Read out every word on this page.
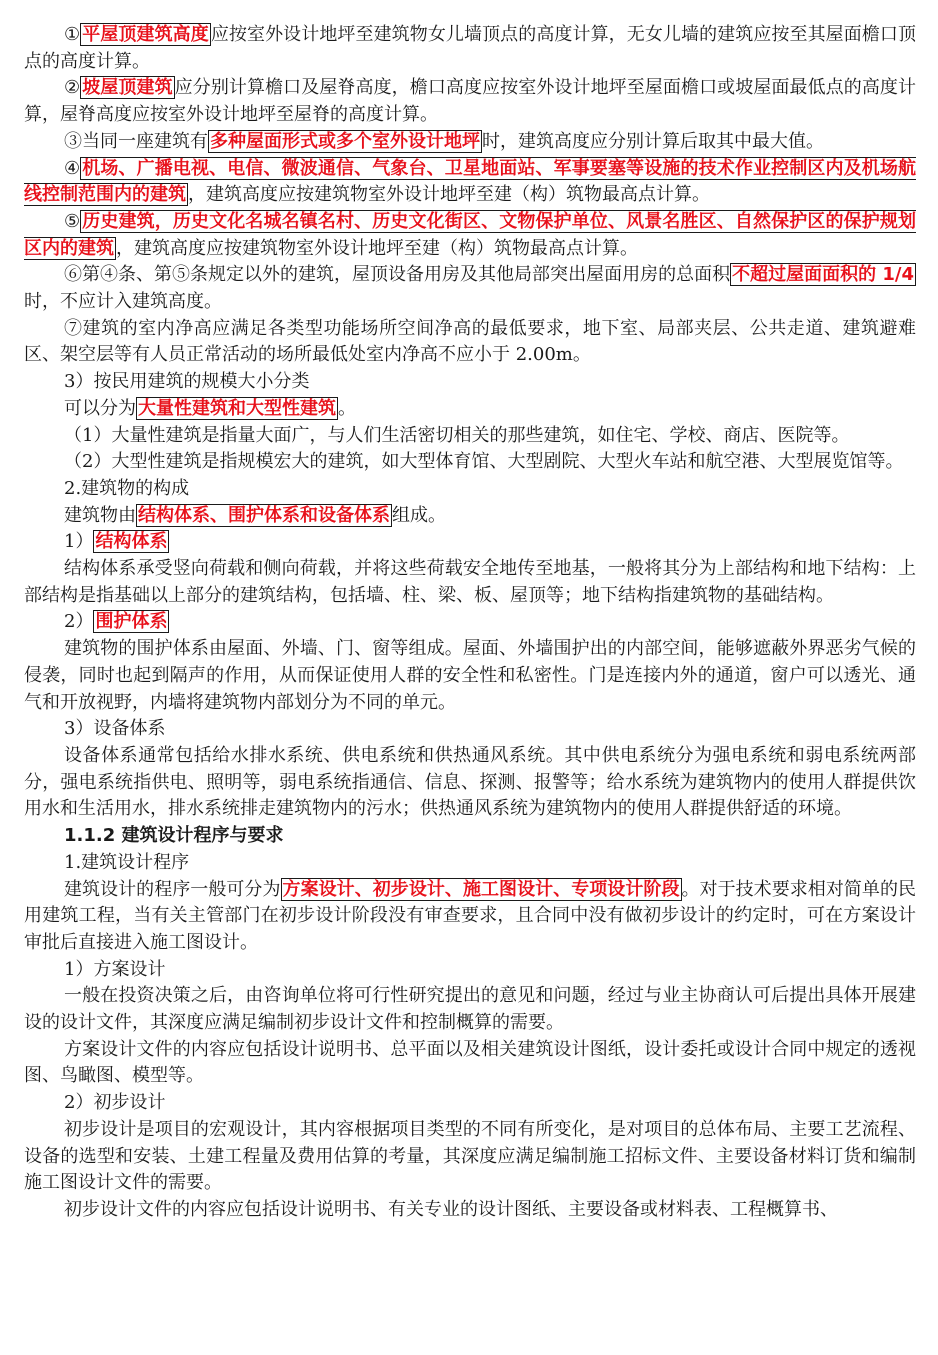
① 平屋顶建筑高度 应按室外设计地坪至建筑物女儿墙顶点的高度计算，无女儿墙的建筑应按至其屋面檐口顶点的高度计算。

② 坡屋顶建筑 应分别计算檐口及屋脊高度，檐口高度应按室外设计地坪至屋面檐口或坡屋面最低点的高度计算，屋脊高度应按室外设计地坪至屋脊的高度计算。

③当同一座建筑有 多种屋面形式或多个室外设计地坪 时，建筑高度应分别计算后取其中最大值。

④ 机场、广播电视、电信、微波通信、气象台、卫星地面站、军事要塞等设施的技术作业控制区内及机场航线控制范围内的建筑 ，建筑高度应按建筑物室外设计地坪至建（构）筑物最高点计算。

⑤ 历史建筑，历史文化名城名镇名村、历史文化街区、文物保护单位、风景名胜区、自然保护区的保护规划区内的建筑 ，建筑高度应按建筑物室外设计地坪至建（构）筑物最高点计算。

⑥第④条、第⑤条规定以外的建筑，屋顶设备用房及其他局部突出屋面用房的总面积 不超过屋面面积的 1/4时，不应计入建筑高度。

⑦建筑的室内净高应满足各类型功能场所空间净高的最低要求，地下室、局部夹层、公共走道、建筑避难区、架空层等有人员正常活动的场所最低处室内净高不应小于 2.00m。

3）按民用建筑的规模大小分类

可以分为 大量性建筑和大型性建筑 。

（1）大量性建筑是指量大面广，与人们生活密切相关的那些建筑，如住宅、学校、商店、医院等。

（2）大型性建筑是指规模宏大的建筑，如大型体育馆、大型剧院、大型火车站和航空港、大型展览馆等。

2.建筑物的构成

建筑物由 结构体系、围护体系和设备体系 组成。

1） 结构体系

结构体系承受竖向荷载和侧向荷载，并将这些荷载安全地传至地基，一般将其分为上部结构和地下结构：上部结构是指基础以上部分的建筑结构，包括墙、柱、梁、板、屋顶等；地下结构指建筑物的基础结构。

2） 围护体系

建筑物的围护体系由屋面、外墙、门、窗等组成。屋面、外墙围护出的内部空间，能够遮蔽外界恶劣气候的侵袭，同时也起到隔声的作用，从而保证使用人群的安全性和私密性。门是连接内外的通道，窗户可以透光、通气和开放视野，内墙将建筑物内部划分为不同的单元。

3）设备体系

设备体系通常包括给水排水系统、供电系统和供热通风系统。其中供电系统分为强电系统和弱电系统两部分，强电系统指供电、照明等，弱电系统指通信、信息、探测、报警等；给水系统为建筑物内的使用人群提供饮用水和生活用水，排水系统排走建筑物内的污水；供热通风系统为建筑物内的使用人群提供舒适的环境。

1.1.2 建筑设计程序与要求

1.建筑设计程序

建筑设计的程序一般可分为 方案设计、初步设计、施工图设计、专项设计阶段 。对于技术要求相对简单的民用建筑工程，当有关主管部门在初步设计阶段没有审查要求，且合同中没有做初步设计的约定时，可在方案设计审批后直接进入施工图设计。

1）方案设计

一般在投资决策之后，由咨询单位将可行性研究提出的意见和问题，经过与业主协商认可后提出具体开展建设的设计文件，其深度应满足编制初步设计文件和控制概算的需要。

方案设计文件的内容应包括设计说明书、总平面以及相关建筑设计图纸，设计委托或设计合同中规定的透视图、鸟瞰图、模型等。

2）初步设计

初步设计是项目的宏观设计，其内容根据项目类型的不同有所变化，是对项目的总体布局、主要工艺流程、设备的选型和安装、土建工程量及费用估算的考量，其深度应满足编制施工招标文件、主要设备材料订货和编制施工图设计文件的需要。

初步设计文件的内容应包括设计说明书、有关专业的设计图纸、主要设备或材料表、工程概算书、
